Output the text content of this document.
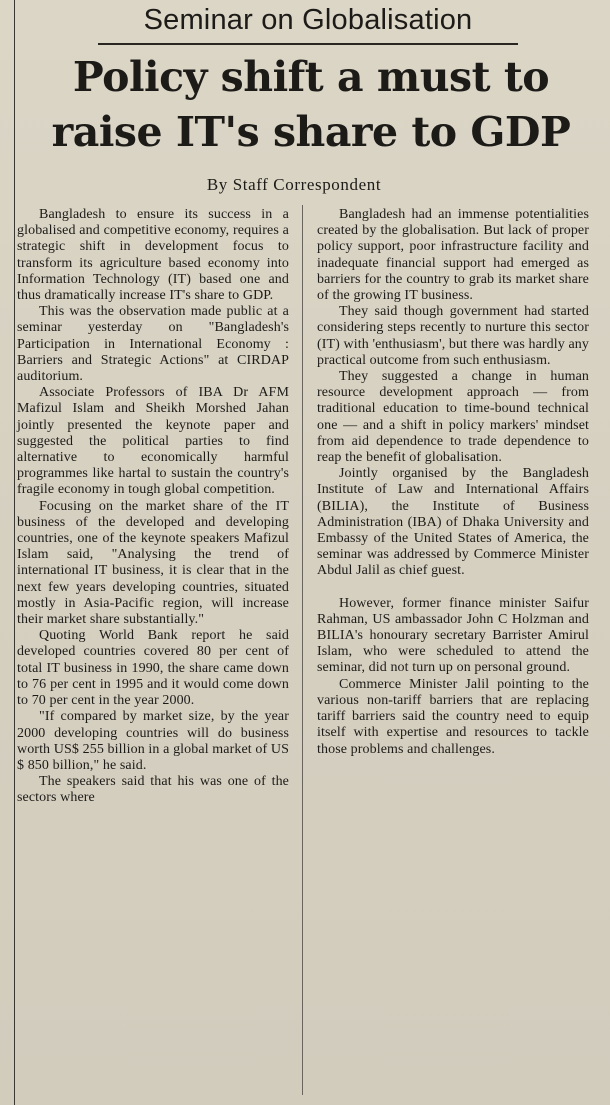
Seminar on Globalisation
Policy shift a must to
raise IT's share to GDP
By Staff Correspondent

Bangladesh to ensure its success in a globalised and competitive economy, requires a strategic shift in development focus to transform its agriculture based economy into Information Technology (IT) based one and thus dramatically increase IT's share to GDP.

This was the observation made public at a seminar yesterday on "Bangladesh's Participation in International Economy : Barriers and Strategic Actions" at CIRDAP auditorium.

Associate Professors of IBA Dr AFM Mafizul Islam and Sheikh Morshed Jahan jointly presented the keynote paper and suggested the political parties to find alternative to economically harmful programmes like hartal to sustain the country's fragile economy in tough global competition.

Focusing on the market share of the IT business of the developed and developing countries, one of the keynote speakers Mafizul Islam said, "Analysing the trend of international IT business, it is clear that in the next few years developing countries, situated mostly in Asia-Pacific region, will increase their market share substantially."

Quoting World Bank report he said developed countries covered 80 per cent of total IT business in 1990, the share came down to 76 per cent in 1995 and it would come down to 70 per cent in the year 2000.

"If compared by market size, by the year 2000 developing countries will do business worth US$ 255 billion in a global market of US $ 850 billion," he said.

The speakers said that his was one of the sectors where

Bangladesh had an immense potentialities created by the globalisation. But lack of proper policy support, poor infrastructure facility and inadequate financial support had emerged as barriers for the country to grab its market share of the growing IT business.

They said though government had started considering steps recently to nurture this sector (IT) with 'enthusiasm', but there was hardly any practical outcome from such enthusiasm.

They suggested a change in human resource development approach — from traditional education to time-bound technical one — and a shift in policy markers' mindset from aid dependence to trade dependence to reap the benefit of globalisation.

Jointly organised by the Bangladesh Institute of Law and International Affairs (BILIA), the Institute of Business Administration (IBA) of Dhaka University and Embassy of the United States of America, the seminar was addressed by Commerce Minister Abdul Jalil as chief guest.

However, former finance minister Saifur Rahman, US ambassador John C Holzman and BILIA's honourary secretary Barrister Amirul Islam, who were scheduled to attend the seminar, did not turn up on personal ground.

Commerce Minister Jalil pointing to the various non-tariff barriers that are replacing tariff barriers said the country need to equip itself with expertise and resources to tackle those problems and challenges.
